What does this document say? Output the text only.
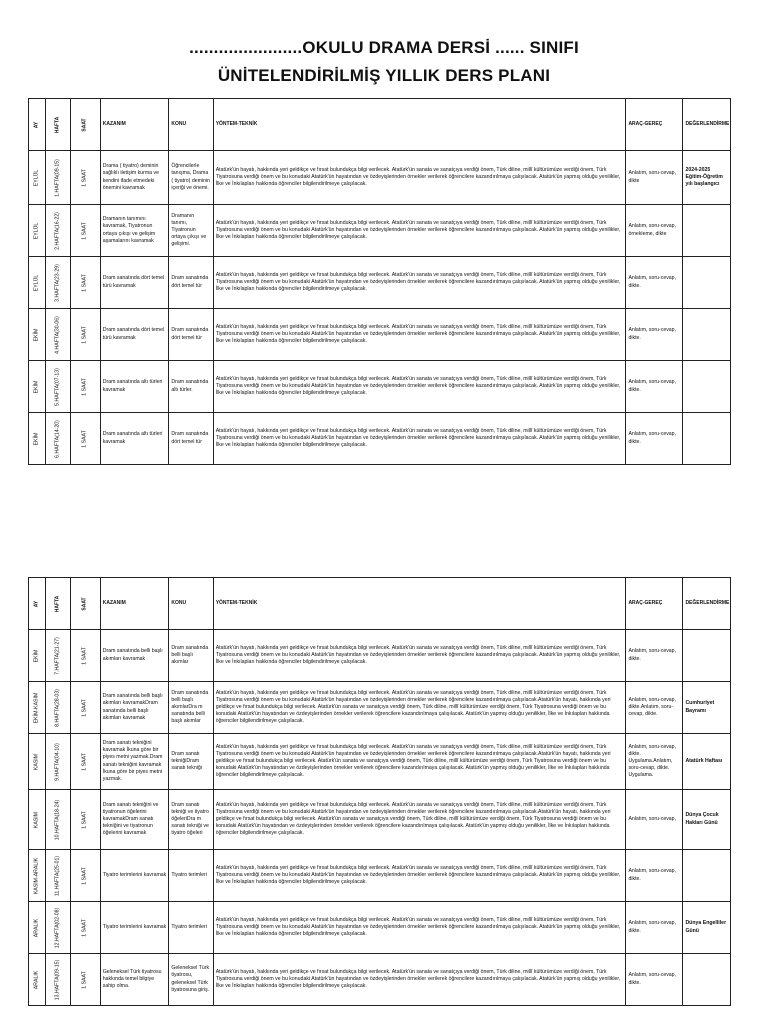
.......................OKULU DRAMA DERSİ ...... SINIFI
ÜNİTELENDİRİLMİŞ YILLIK DERS PLANI
AY	HAFTA	SAAT	KAZANIM	KONU	YÖNTEM-TEKNİK	ARAÇ-GEREÇ	DEĞERLENDİRME

EYLÜL	1.HAFTA(09-15)	1 SAAT	Drama ( tiyatro) deminin sağlıklı iletişim kurma ve kendini ifade etmedeki önemini kavramak	Öğrencilerle tanışma, Drama ( tiyatro) deminin içeriği ve önemi.	Atatürk'ün hayatı, hakkında yeri geldikçe ve fırsat bulundukça bilgi verilecek. Atatürk'ün sanata ve sanatçıya verdiği önem, Türk diline, millî kültürümüze verdiği önem, Türk Tiyatrosuna verdiği önem ve bu konudaki Atatürk'ün hayatından ve özdeyişlerinden örnekler verilerek öğrencilere kazandırılmaya çalışılacak. Atatürk'ün yapmış olduğu yenilikler, İlke ve İnkılapları hakkında öğrenciler bilgilendirilmeye çalışılacak.	Anlatım, soru-cevap, dikte	2024-2025 Eğitim-Öğretim yılı başlangıcı

EYLÜL	2.HAFTA(16-22)	1 SAAT	Dramanın tanımını kavramak, Tiyatronun ortaya çıkışı ve gelişim aşamalarını kavramak	Dramanın tanımı, Tiyatronun ortaya çıkışı ve gelişimi.	Atatürk'ün hayatı, hakkında yeri geldikçe ve fırsat bulundukça bilgi verilecek. Atatürk'ün sanata ve sanatçıya verdiği önem, Türk diline, millî kültürümüze verdiği önem, Türk Tiyatrosuna verdiği önem ve bu konudaki Atatürk'ün hayatından ve özdeyişlerinden örnekler verilerek öğrencilere kazandırılmaya çalışılacak. Atatürk'ün yapmış olduğu yenilikler, İlke ve İnkılapları hakkında öğrenciler bilgilendirilmeye çalışılacak.	Anlatım, soru-cevap, örnekleme, dikte	

EYLÜL	3.HAFTA(23-29)	1 SAAT	Dram sanatında dört temel türü kavramak	Dram sanatında dört temel tür	Atatürk'ün hayatı, hakkında yeri geldikçe ve fırsat bulundukça bilgi verilecek. Atatürk'ün sanata ve sanatçıya verdiği önem, Türk diline, millî kültürümüze verdiği önem, Türk Tiyatrosuna verdiği önem ve bu konudaki Atatürk'ün hayatından ve özdeyişlerinden örnekler verilerek öğrencilere kazandırılmaya çalışılacak. Atatürk'ün yapmış olduğu yenilikler, İlke ve İnkılapları hakkında öğrenciler bilgilendirilmeye çalışılacak.	Anlatım, soru-cevap, dikte.	

EKİM	4.HAFTA(30-06)	1 SAAT	Dram sanatında dört temel türü kavramak	Dram sanatında dört temel tür	Atatürk'ün hayatı, hakkında yeri geldikçe ve fırsat bulundukça bilgi verilecek. Atatürk'ün sanata ve sanatçıya verdiği önem, Türk diline, millî kültürümüze verdiği önem, Türk Tiyatrosuna verdiği önem ve bu konudaki Atatürk'ün hayatından ve özdeyişlerinden örnekler verilerek öğrencilere kazandırılmaya çalışılacak. Atatürk'ün yapmış olduğu yenilikler, İlke ve İnkılapları hakkında öğrenciler bilgilendirilmeye çalışılacak.	Anlatım, soru-cevap, dikte.	

EKİM	5.HAFTA(07-13)	1 SAAT	Dram sanatında altı türleri kavramak	Dram sanatında altı türler.	Atatürk'ün hayatı, hakkında yeri geldikçe ve fırsat bulundukça bilgi verilecek. Atatürk'ün sanata ve sanatçıya verdiği önem, Türk diline, millî kültürümüze verdiği önem, Türk Tiyatrosuna verdiği önem ve bu konudaki Atatürk'ün hayatından ve özdeyişlerinden örnekler verilerek öğrencilere kazandırılmaya çalışılacak. Atatürk'ün yapmış olduğu yenilikler, İlke ve İnkılapları hakkında öğrenciler bilgilendirilmeye çalışılacak.	Anlatım, soru-cevap, dikte.	

EKİM	6.HAFTA(14-20)	1 SAAT	Dram sanatında altı türleri kavramak	Dram sanatında dört temel tür	Atatürk'ün hayatı, hakkında yeri geldikçe ve fırsat bulundukça bilgi verilecek. Atatürk'ün sanata ve sanatçıya verdiği önem, Türk diline, millî kültürümüze verdiği önem, Türk Tiyatrosuna verdiği önem ve bu konudaki Atatürk'ün hayatından ve özdeyişlerinden örnekler verilerek öğrencilere kazandırılmaya çalışılacak. Atatürk'ün yapmış olduğu yenilikler, İlke ve İnkılapları hakkında öğrenciler bilgilendirilmeye çalışılacak.	Anlatım, soru-cevap, dikte.	
AY	HAFTA	SAAT	KAZANIM	KONU	YÖNTEM-TEKNİK	ARAÇ-GEREÇ	DEĞERLENDİRME

EKİM	7.HAFTA(21-27)	1 SAAT	Dram sanatında belli başlı akımları kavramak	Dram sanatında belli başlı akımlar	Atatürk'ün hayatı, hakkında yeri geldikçe ve fırsat bulundukça bilgi verilecek. Atatürk'ün sanata ve sanatçıya verdiği önem, Türk diline, millî kültürümüze verdiği önem, Türk Tiyatrosuna verdiği önem ve bu konudaki Atatürk'ün hayatından ve özdeyişlerinden örnekler verilerek öğrencilere kazandırılmaya çalışılacak. Atatürk'ün yapmış olduğu yenilikler, İlke ve İnkılapları hakkında öğrenciler bilgilendirilmeye çalışılacak.	Anlatım, soru-cevap, dikte.	

EKİM-KASIM	8.HAFTA(28-03)	1 SAAT	Dram sanatında belli başlı akımları kavramakDram sanatında belli başlı akımları kavramak	Dram sanatında belli başlı akımlarDra m sanatında belli başlı akımlar	Atatürk'ün hayatı, hakkında yeri geldikçe ve fırsat bulundukça bilgi verilecek. Atatürk'ün sanata ve sanatçıya verdiği önem, Türk diline, millî kültürümüze verdiği önem, Türk Tiyatrosuna verdiği önem ve bu konudaki Atatürk'ün hayatından ve özdeyişlerinden örnekler verilerek öğrencilere kazandırılmaya çalışılacak.Atatürk'ün hayatı, hakkında yeri geldikçe ve fırsat bulundukça bilgi verilecek. Atatürk'ün sanata ve sanatçıya verdiği önem, Türk diline, millî kültürümüze verdiği önem, Türk Tiyatrosuna verdiği önem ve bu konudaki Atatürk'ün hayatından ve özdeyişlerinden örnekler verilerek öğrencilere kazandırılmaya çalışılacak. Atatürk'ün yapmış olduğu yenilikler, İlke ve İnkılapları hakkında öğrenciler bilgilendirilmeye çalışılacak.	Anlatım, soru-cevap, dikte.Anlatım, soru-cevap, dikte.	Cumhuriyet Bayramı

KASIM	9.HAFTA(04-10)	1 SAAT	Dram sanatı tekniğini kavramak İkuna göre bir piyes metni yazmak.Dram sanatı tekniğini kavramak İkuna göre bir piyes metni yazmak.	Dram sanatı tekniğiDram sanatı tekniği	Atatürk'ün hayatı, hakkında yeri geldikçe ve fırsat bulundukça bilgi verilecek. Atatürk'ün sanata ve sanatçıya verdiği önem, Türk diline, millî kültürümüze verdiği önem, Türk Tiyatrosuna verdiği önem ve bu konudaki Atatürk'ün hayatından ve özdeyişlerinden örnekler verilerek öğrencilere kazandırılmaya çalışılacak.Atatürk'ün hayatı, hakkında yeri geldikçe ve fırsat bulundukça bilgi verilecek. Atatürk'ün sanata ve sanatçıya verdiği önem, Türk diline, millî kültürümüze verdiği önem, Türk Tiyatrosuna verdiği önem ve bu konudaki Atatürk'ün hayatından ve özdeyişlerinden örnekler verilerek öğrencilere kazandırılmaya çalışılacak. Atatürk'ün yapmış olduğu yenilikler, İlke ve İnkılapları hakkında öğrenciler bilgilendirilmeye çalışılacak.	Anlatım, soru-cevap, dikte. Uygulama.Anlatım, soru-cevap, dikte. Uygulama.	Atatürk Haftası

KASIM	10.HAFTA(18-24)	1 SAAT	Dram sanatı tekniğini ve tiyatronun öğelerini kavramakDram sanatı tekniğini ve tiyatronun öğelerini kavramak	Dram sanatı tekniği ve tiyatro öğeleriDra m sanatı tekniği ve tiyatro öğeleri	Atatürk'ün hayatı, hakkında yeri geldikçe ve fırsat bulundukça bilgi verilecek. Atatürk'ün sanata ve sanatçıya verdiği önem, Türk diline, millî kültürümüze verdiği önem, Türk Tiyatrosuna verdiği önem ve bu konudaki Atatürk'ün hayatından ve özdeyişlerinden örnekler verilerek öğrencilere kazandırılmaya çalışılacak.Atatürk'ün hayatı, hakkında yeri geldikçe ve fırsat bulundukça bilgi verilecek. Atatürk'ün sanata ve sanatçıya verdiği önem, Türk diline, millî kültürümüze verdiği önem, Türk Tiyatrosuna verdiği önem ve bu konudaki Atatürk'ün hayatından ve özdeyişlerinden örnekler verilerek öğrencilere kazandırılmaya çalışılacak. Atatürk'ün yapmış olduğu yenilikler, İlke ve İnkılapları hakkında öğrenciler bilgilendirilmeye çalışılacak.	Anlatım, soru-cevap,	Dünya Çocuk Hakları Günü

KASIM-ARALIK	11.HAFTA(25-01)	1 SAAT	Tiyatro terimlerini kavramak	Tiyatro terimleri	Atatürk'ün hayatı, hakkında yeri geldikçe ve fırsat bulundukça bilgi verilecek. Atatürk'ün sanata ve sanatçıya verdiği önem, Türk diline, millî kültürümüze verdiği önem, Türk Tiyatrosuna verdiği önem ve bu konudaki Atatürk'ün hayatından ve özdeyişlerinden örnekler verilerek öğrencilere kazandırılmaya çalışılacak. Atatürk'ün yapmış olduğu yenilikler, İlke ve İnkılapları hakkında öğrenciler bilgilendirilmeye çalışılacak.	Anlatım, soru-cevap, dikte.	

ARALIK	12.HAFTA(02-08)	1 SAAT	Tiyatro terimlerini kavramak	Tiyatro terimleri	Atatürk'ün hayatı, hakkında yeri geldikçe ve fırsat bulundukça bilgi verilecek. Atatürk'ün sanata ve sanatçıya verdiği önem, Türk diline, millî kültürümüze verdiği önem, Türk Tiyatrosuna verdiği önem ve bu konudaki Atatürk'ün hayatından ve özdeyişlerinden örnekler verilerek öğrencilere kazandırılmaya çalışılacak. Atatürk'ün yapmış olduğu yenilikler, İlke ve İnkılapları hakkında öğrenciler bilgilendirilmeye çalışılacak.	Anlatım, soru-cevap, dikte.	Dünya Engelliler Günü

ARALIK	13.HAFTA(09-15)	1 SAAT	Geleneksel Türk tiyatrosu hakkında temel bilgiye sahip olma.	Geleneksel Türk tiyatrosu, geleneksel Türk tiyatrosuna giriş.	Atatürk'ün hayatı, hakkında yeri geldikçe ve fırsat bulundukça bilgi verilecek. Atatürk'ün sanata ve sanatçıya verdiği önem, Türk diline, millî kültürümüze verdiği önem, Türk Tiyatrosuna verdiği önem ve bu konudaki Atatürk'ün hayatından ve özdeyişlerinden örnekler verilerek öğrencilere kazandırılmaya çalışılacak. Atatürk'ün yapmış olduğu yenilikler, İlke ve İnkılapları hakkında öğrenciler bilgilendirilmeye çalışılacak.	Anlatım, soru-cevap, dikte.	
